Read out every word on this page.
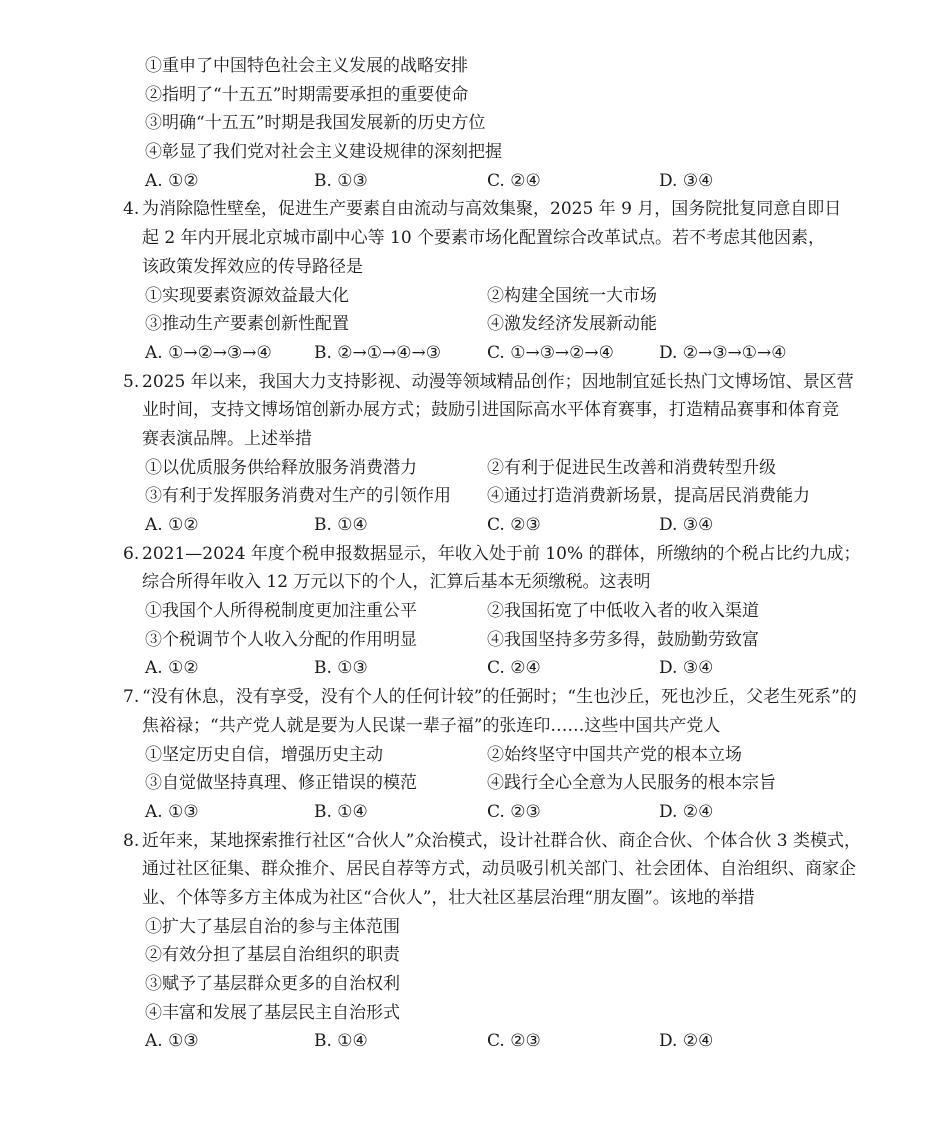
①重申了中国特色社会主义发展的战略安排
②指明了“十五五”时期需要承担的重要使命
③明确“十五五”时期是我国发展新的历史方位
④彰显了我们党对社会主义建设规律的深刻把握
A. ①②	B. ①③	C. ②④	D. ③④
4. 为消除隐性壁垒，促进生产要素自由流动与高效集聚，2025 年 9 月，国务院批复同意自即日
起 2 年内开展北京城市副中心等 10 个要素市场化配置综合改革试点。若不考虑其他因素，
该政策发挥效应的传导路径是
①实现要素资源效益最大化	②构建全国统一大市场
③推动生产要素创新性配置	④激发经济发展新动能
A. ①→②→③→④ B. ②→①→④→③	C. ①→③→②→④	D. ②→③→①→④
5. 2025 年以来，我国大力支持影视、动漫等领域精品创作；因地制宜延长热门文博场馆、景区营
业时间，支持文博场馆创新办展方式；鼓励引进国际高水平体育赛事，打造精品赛事和体育竞
赛表演品牌。上述举措
①以优质服务供给释放服务消费潜力	②有利于促进民生改善和消费转型升级
③有利于发挥服务消费对生产的引领作用 ④通过打造消费新场景，提高居民消费能力
A. ①②	B. ①④	C. ②③	D. ③④
6. 2021—2024 年度个税申报数据显示，年收入处于前 10% 的群体，所缴纳的个税占比约九成；
综合所得年收入 12 万元以下的个人，汇算后基本无须缴税。这表明
①我国个人所得税制度更加注重公平	②我国拓宽了中低收入者的收入渠道
③个税调节个人收入分配的作用明显	④我国坚持多劳多得，鼓励勤劳致富
A. ①②	B. ①③	C. ②④	D. ③④
7. “没有休息，没有享受，没有个人的任何计较”的任弼时；“生也沙丘，死也沙丘，父老生死系”的
焦裕禄；“共产党人就是要为人民谋一辈子福”的张连印……这些中国共产党人
①坚定历史自信，增强历史主动	②始终坚守中国共产党的根本立场
③自觉做坚持真理、修正错误的模范	④践行全心全意为人民服务的根本宗旨
A. ①③	B. ①④	C. ②③	D. ②④
8. 近年来，某地探索推行社区“合伙人”众治模式，设计社群合伙、商企合伙、个体合伙 3 类模式，
通过社区征集、群众推介、居民自荐等方式，动员吸引机关部门、社会团体、自治组织、商家企
业、个体等多方主体成为社区“合伙人”，壮大社区基层治理“朋友圈”。该地的举措
①扩大了基层自治的参与主体范围
②有效分担了基层自治组织的职责
③赋予了基层群众更多的自治权利
④丰富和发展了基层民主自治形式
A. ①③	B. ①④	C. ②③	D. ②④
